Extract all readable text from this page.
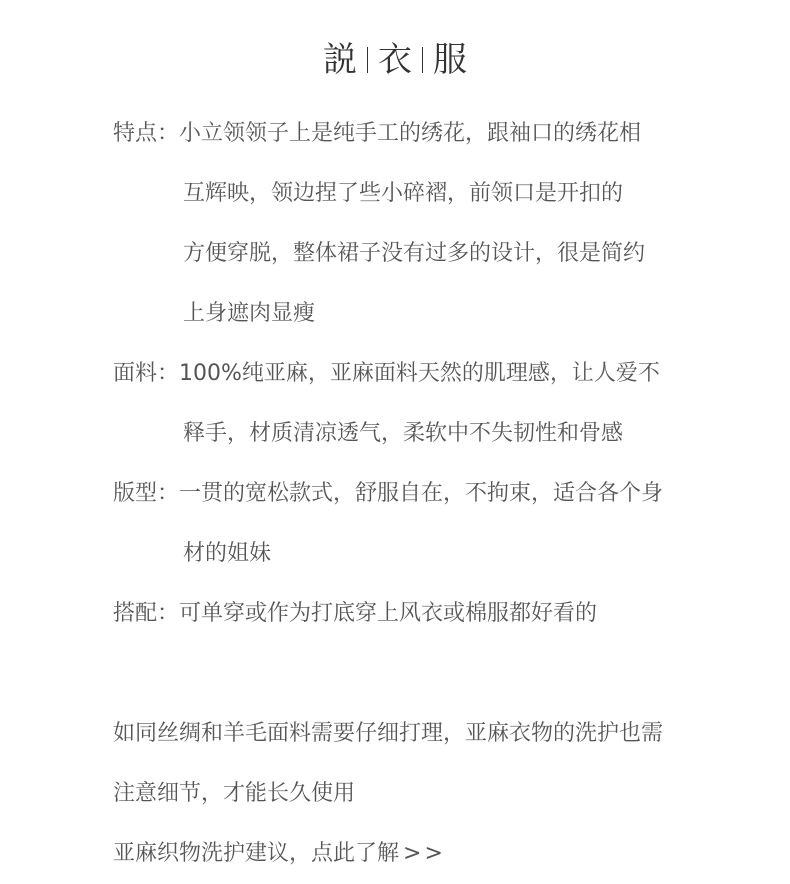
説 衣 服
特点 ： 小立领领子上是纯手工的绣花，跟袖口的绣花相
互辉映，领边捏了些小碎褶，前领口是开扣的
方便穿脱，整体裙子没有过多的设计，很是简约
上身遮肉显瘦
面料 ： 100%纯亚麻，亚麻面料天然的肌理感，让人爱不
释手，材质清凉透气，柔软中不失韧性和骨感
版型 ： 一贯的宽松款式，舒服自在，不拘束，适合各个身
材的姐妹
搭配 ： 可单穿或作为打底穿上风衣或棉服都好看的
如同丝绸和羊毛面料需要仔细打理，亚麻衣物的洗护也需
注意细节，才能长久使用
亚麻织物洗护建议，点此了解 >>
